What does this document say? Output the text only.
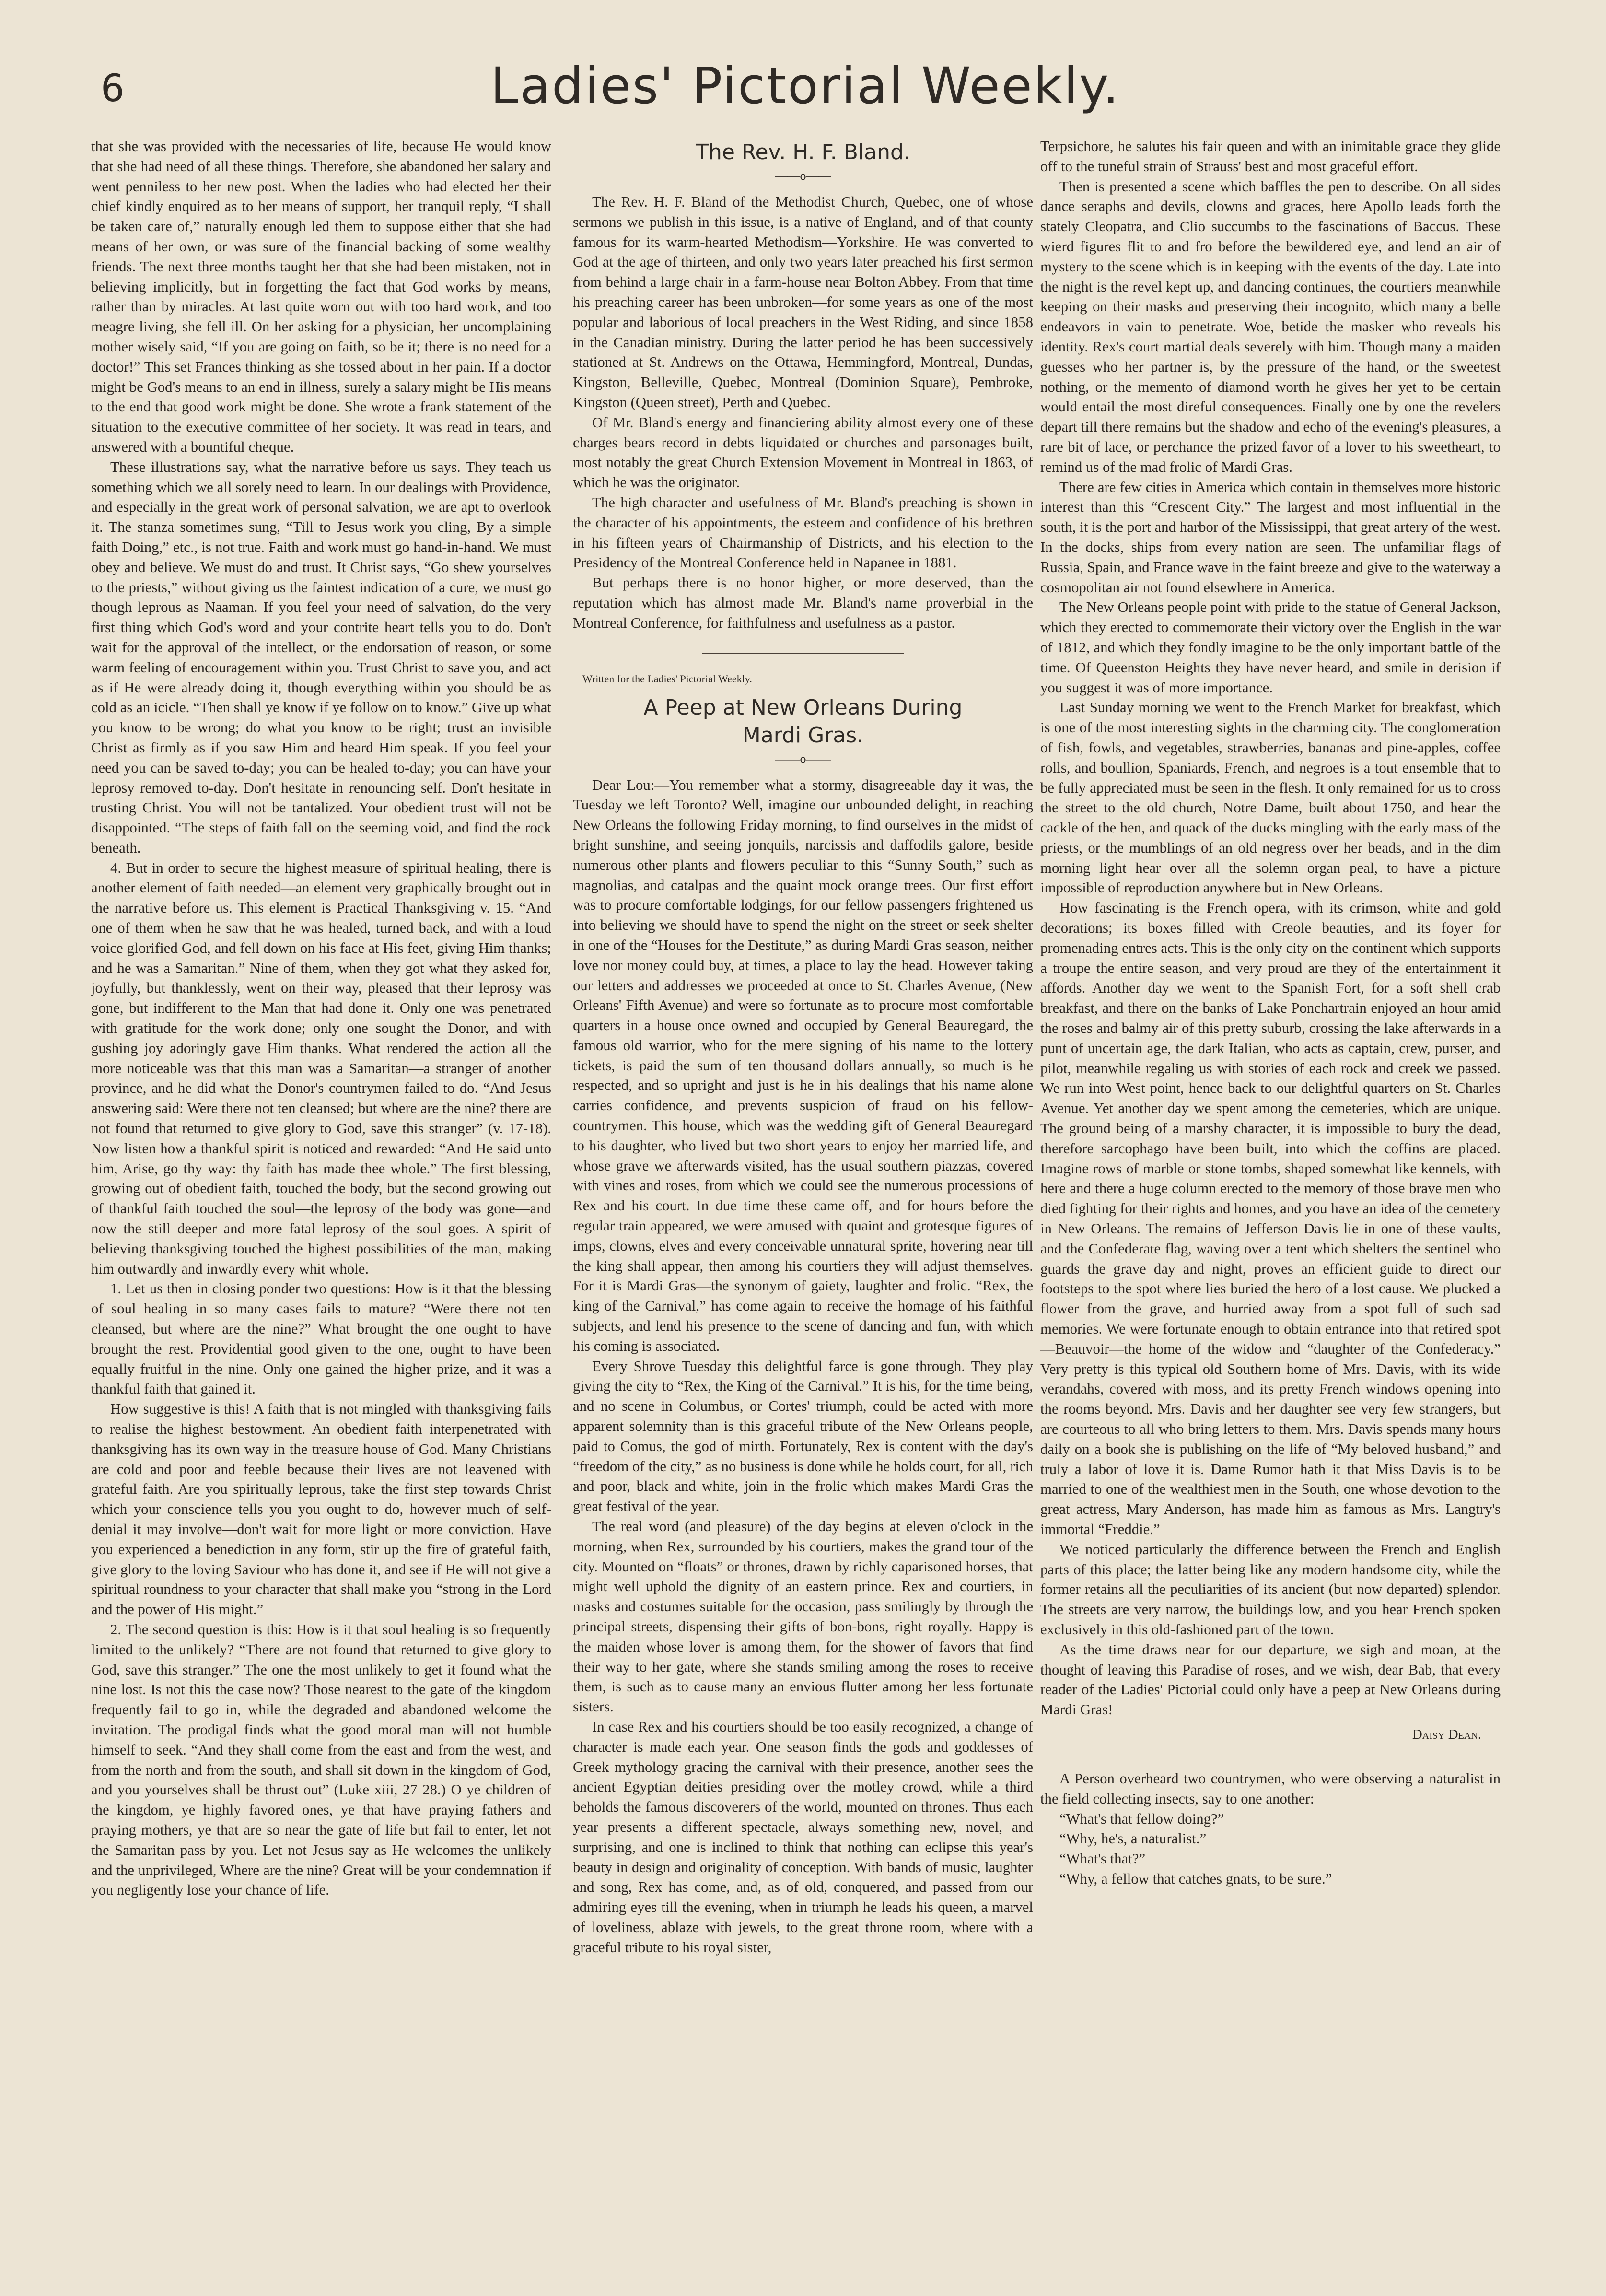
6	Ladies' Pictorial Weekly.

that she was provided with the necessaries of life, because He would know that she had need of all these things. Therefore, she abandoned her salary and went penniless to her new post. When the ladies who had elected her their chief kindly enquired as to her means of support, her tranquil reply, “I shall be taken care of,” naturally enough led them to suppose either that she had means of her own, or was sure of the financial backing of some wealthy friends. The next three months taught her that she had been mistaken, not in believing implicitly, but in forgetting the fact that God works by means, rather than by miracles. At last quite worn out with too hard work, and too meagre living, she fell ill. On her asking for a physician, her uncomplaining mother wisely said, “If you are going on faith, so be it; there is no need for a doctor!” This set Frances thinking as she tossed about in her pain. If a doctor might be God's means to an end in illness, surely a salary might be His means to the end that good work might be done. She wrote a frank statement of the situation to the executive committee of her society. It was read in tears, and answered with a bountiful cheque.

These illustrations say, what the narrative before us says. They teach us something which we all sorely need to learn. In our dealings with Providence, and especially in the great work of personal salvation, we are apt to overlook it. The stanza sometimes sung, “Till to Jesus work you cling, By a simple faith Doing,” etc., is not true. Faith and work must go hand-in-hand. We must obey and believe. We must do and trust. It Christ says, “Go shew yourselves to the priests,” without giving us the faintest indication of a cure, we must go though leprous as Naaman. If you feel your need of salvation, do the very first thing which God's word and your contrite heart tells you to do. Don't wait for the approval of the intellect, or the endorsation of reason, or some warm feeling of encouragement within you. Trust Christ to save you, and act as if He were already doing it, though everything within you should be as cold as an icicle. “Then shall ye know if ye follow on to know.” Give up what you know to be wrong; do what you know to be right; trust an invisible Christ as firmly as if you saw Him and heard Him speak. If you feel your need you can be saved to-day; you can be healed to-day; you can have your leprosy removed to-day. Don't hesitate in renouncing self. Don't hesitate in trusting Christ. You will not be tantalized. Your obedient trust will not be disappointed. “The steps of faith fall on the seeming void, and find the rock beneath.

4. But in order to secure the highest measure of spiritual healing, there is another element of faith needed—an element very graphically brought out in the narrative before us. This element is Practical Thanksgiving v. 15. “And one of them when he saw that he was healed, turned back, and with a loud voice glorified God, and fell down on his face at His feet, giving Him thanks; and he was a Samaritan.” Nine of them, when they got what they asked for, joyfully, but thanklessly, went on their way, pleased that their leprosy was gone, but indifferent to the Man that had done it. Only one was penetrated with gratitude for the work done; only one sought the Donor, and with gushing joy adoringly gave Him thanks. What rendered the action all the more noticeable was that this man was a Samaritan—a stranger of another province, and he did what the Donor's countrymen failed to do. “And Jesus answering said: Were there not ten cleansed; but where are the nine? there are not found that returned to give glory to God, save this stranger” (v. 17-18). Now listen how a thankful spirit is noticed and rewarded: “And He said unto him, Arise, go thy way: thy faith has made thee whole.” The first blessing, growing out of obedient faith, touched the body, but the second growing out of thankful faith touched the soul—the leprosy of the body was gone—and now the still deeper and more fatal leprosy of the soul goes. A spirit of believing thanksgiving touched the highest possibilities of the man, making him outwardly and inwardly every whit whole.

1. Let us then in closing ponder two questions: How is it that the blessing of soul healing in so many cases fails to mature? “Were there not ten cleansed, but where are the nine?” What brought the one ought to have brought the rest. Providential good given to the one, ought to have been equally fruitful in the nine. Only one gained the higher prize, and it was a thankful faith that gained it.

How suggestive is this! A faith that is not mingled with thanksgiving fails to realise the highest bestowment. An obedient faith interpenetrated with thanksgiving has its own way in the treasure house of God. Many Christians are cold and poor and feeble because their lives are not leavened with grateful faith. Are you spiritually leprous, take the first step towards Christ which your conscience tells you you ought to do, however much of self-denial it may involve—don't wait for more light or more conviction. Have you experienced a benediction in any form, stir up the fire of grateful faith, give glory to the loving Saviour who has done it, and see if He will not give a spiritual roundness to your character that shall make you “strong in the Lord and the power of His might.”

2. The second question is this: How is it that soul healing is so frequently limited to the unlikely? “There are not found that returned to give glory to God, save this stranger.” The one the most unlikely to get it found what the nine lost. Is not this the case now? Those nearest to the gate of the kingdom frequently fail to go in, while the degraded and abandoned welcome the invitation. The prodigal finds what the good moral man will not humble himself to seek. “And they shall come from the east and from the west, and from the north and from the south, and shall sit down in the kingdom of God, and you yourselves shall be thrust out” (Luke xiii, 27 28.) O ye children of the kingdom, ye highly favored ones, ye that have praying fathers and praying mothers, ye that are so near the gate of life but fail to enter, let not the Samaritan pass by you. Let not Jesus say as He welcomes the unlikely and the unprivileged, Where are the nine? Great will be your condemnation if you negligently lose your chance of life.

The Rev. H. F. Bland.
——o——

The Rev. H. F. Bland of the Methodist Church, Quebec, one of whose sermons we publish in this issue, is a native of England, and of that county famous for its warm-hearted Methodism—Yorkshire. He was converted to God at the age of thirteen, and only two years later preached his first sermon from behind a large chair in a farm-house near Bolton Abbey. From that time his preaching career has been unbroken—for some years as one of the most popular and laborious of local preachers in the West Riding, and since 1858 in the Canadian ministry. During the latter period he has been successively stationed at St. Andrews on the Ottawa, Hemmingford, Montreal, Dundas, Kingston, Belleville, Quebec, Montreal (Dominion Square), Pembroke, Kingston (Queen street), Perth and Quebec.

Of Mr. Bland's energy and financiering ability almost every one of these charges bears record in debts liquidated or churches and parsonages built, most notably the great Church Extension Movement in Montreal in 1863, of which he was the originator.

The high character and usefulness of Mr. Bland's preaching is shown in the character of his appointments, the esteem and confidence of his brethren in his fifteen years of Chairmanship of Districts, and his election to the Presidency of the Montreal Conference held in Napanee in 1881.

But perhaps there is no honor higher, or more deserved, than the reputation which has almost made Mr. Bland's name proverbial in the Montreal Conference, for faithfulness and usefulness as a pastor.

Written for the Ladies' Pictorial Weekly.

A Peep at New Orleans During
Mardi Gras.
——o——

Dear Lou:—You remember what a stormy, disagreeable day it was, the Tuesday we left Toronto? Well, imagine our unbounded delight, in reaching New Orleans the following Friday morning, to find ourselves in the midst of bright sunshine, and seeing jonquils, narcissis and daffodils galore, beside numerous other plants and flowers peculiar to this “Sunny South,” such as magnolias, and catalpas and the quaint mock orange trees. Our first effort was to procure comfortable lodgings, for our fellow passengers frightened us into believing we should have to spend the night on the street or seek shelter in one of the “Houses for the Destitute,” as during Mardi Gras season, neither love nor money could buy, at times, a place to lay the head. However taking our letters and addresses we proceeded at once to St. Charles Avenue, (New Orleans' Fifth Avenue) and were so fortunate as to procure most comfortable quarters in a house once owned and occupied by General Beauregard, the famous old warrior, who for the mere signing of his name to the lottery tickets, is paid the sum of ten thousand dollars annually, so much is he respected, and so upright and just is he in his dealings that his name alone carries confidence, and prevents suspicion of fraud on his fellow-countrymen. This house, which was the wedding gift of General Beauregard to his daughter, who lived but two short years to enjoy her married life, and whose grave we afterwards visited, has the usual southern piazzas, covered with vines and roses, from which we could see the numerous processions of Rex and his court. In due time these came off, and for hours before the regular train appeared, we were amused with quaint and grotesque figures of imps, clowns, elves and every conceivable unnatural sprite, hovering near till the king shall appear, then among his courtiers they will adjust themselves. For it is Mardi Gras—the synonym of gaiety, laughter and frolic. “Rex, the king of the Carnival,” has come again to receive the homage of his faithful subjects, and lend his presence to the scene of dancing and fun, with which his coming is associated.

Every Shrove Tuesday this delightful farce is gone through. They play giving the city to “Rex, the King of the Carnival.” It is his, for the time being, and no scene in Columbus, or Cortes' triumph, could be acted with more apparent solemnity than is this graceful tribute of the New Orleans people, paid to Comus, the god of mirth. Fortunately, Rex is content with the day's “freedom of the city,” as no business is done while he holds court, for all, rich and poor, black and white, join in the frolic which makes Mardi Gras the great festival of the year.

The real word (and pleasure) of the day begins at eleven o'clock in the morning, when Rex, surrounded by his courtiers, makes the grand tour of the city. Mounted on “floats” or thrones, drawn by richly caparisoned horses, that might well uphold the dignity of an eastern prince. Rex and courtiers, in masks and costumes suitable for the occasion, pass smilingly by through the principal streets, dispensing their gifts of bon-bons, right royally. Happy is the maiden whose lover is among them, for the shower of favors that find their way to her gate, where she stands smiling among the roses to receive them, is such as to cause many an envious flutter among her less fortunate sisters.

In case Rex and his courtiers should be too easily recognized, a change of character is made each year. One season finds the gods and goddesses of Greek mythology gracing the carnival with their presence, another sees the ancient Egyptian deities presiding over the motley crowd, while a third beholds the famous discoverers of the world, mounted on thrones. Thus each year presents a different spectacle, always something new, novel, and surprising, and one is inclined to think that nothing can eclipse this year's beauty in design and originality of conception. With bands of music, laughter and song, Rex has come, and, as of old, conquered, and passed from our admiring eyes till the evening, when in triumph he leads his queen, a marvel of loveliness, ablaze with jewels, to the great throne room, where with a graceful tribute to his royal sister,

Terpsichore, he salutes his fair queen and with an inimitable grace they glide off to the tuneful strain of Strauss' best and most graceful effort.

Then is presented a scene which baffles the pen to describe. On all sides dance seraphs and devils, clowns and graces, here Apollo leads forth the stately Cleopatra, and Clio succumbs to the fascinations of Baccus. These wierd figures flit to and fro before the bewildered eye, and lend an air of mystery to the scene which is in keeping with the events of the day. Late into the night is the revel kept up, and dancing continues, the courtiers meanwhile keeping on their masks and preserving their incognito, which many a belle endeavors in vain to penetrate. Woe, betide the masker who reveals his identity. Rex's court martial deals severely with him. Though many a maiden guesses who her partner is, by the pressure of the hand, or the sweetest nothing, or the memento of diamond worth he gives her yet to be certain would entail the most direful consequences. Finally one by one the revelers depart till there remains but the shadow and echo of the evening's pleasures, a rare bit of lace, or perchance the prized favor of a lover to his sweetheart, to remind us of the mad frolic of Mardi Gras.

There are few cities in America which contain in themselves more historic interest than this “Crescent City.” The largest and most influential in the south, it is the port and harbor of the Mississippi, that great artery of the west. In the docks, ships from every nation are seen. The unfamiliar flags of Russia, Spain, and France wave in the faint breeze and give to the waterway a cosmopolitan air not found elsewhere in America.

The New Orleans people point with pride to the statue of General Jackson, which they erected to commemorate their victory over the English in the war of 1812, and which they fondly imagine to be the only important battle of the time. Of Queenston Heights they have never heard, and smile in derision if you suggest it was of more importance.

Last Sunday morning we went to the French Market for breakfast, which is one of the most interesting sights in the charming city. The conglomeration of fish, fowls, and vegetables, strawberries, bananas and pine-apples, coffee rolls, and boullion, Spaniards, French, and negroes is a tout ensemble that to be fully appreciated must be seen in the flesh. It only remained for us to cross the street to the old church, Notre Dame, built about 1750, and hear the cackle of the hen, and quack of the ducks mingling with the early mass of the priests, or the mumblings of an old negress over her beads, and in the dim morning light hear over all the solemn organ peal, to have a picture impossible of reproduction anywhere but in New Orleans.

How fascinating is the French opera, with its crimson, white and gold decorations; its boxes filled with Creole beauties, and its foyer for promenading entres acts. This is the only city on the continent which supports a troupe the entire season, and very proud are they of the entertainment it affords. Another day we went to the Spanish Fort, for a soft shell crab breakfast, and there on the banks of Lake Ponchartrain enjoyed an hour amid the roses and balmy air of this pretty suburb, crossing the lake afterwards in a punt of uncertain age, the dark Italian, who acts as captain, crew, purser, and pilot, meanwhile regaling us with stories of each rock and creek we passed. We run into West point, hence back to our delightful quarters on St. Charles Avenue. Yet another day we spent among the cemeteries, which are unique. The ground being of a marshy character, it is impossible to bury the dead, therefore sarcophago have been built, into which the coffins are placed. Imagine rows of marble or stone tombs, shaped somewhat like kennels, with here and there a huge column erected to the memory of those brave men who died fighting for their rights and homes, and you have an idea of the cemetery in New Orleans. The remains of Jefferson Davis lie in one of these vaults, and the Confederate flag, waving over a tent which shelters the sentinel who guards the grave day and night, proves an efficient guide to direct our footsteps to the spot where lies buried the hero of a lost cause. We plucked a flower from the grave, and hurried away from a spot full of such sad memories. We were fortunate enough to obtain entrance into that retired spot—Beauvoir—the home of the widow and “daughter of the Confederacy.” Very pretty is this typical old Southern home of Mrs. Davis, with its wide verandahs, covered with moss, and its pretty French windows opening into the rooms beyond. Mrs. Davis and her daughter see very few strangers, but are courteous to all who bring letters to them. Mrs. Davis spends many hours daily on a book she is publishing on the life of “My beloved husband,” and truly a labor of love it is. Dame Rumor hath it that Miss Davis is to be married to one of the wealthiest men in the South, one whose devotion to the great actress, Mary Anderson, has made him as famous as Mrs. Langtry's immortal “Freddie.”

We noticed particularly the difference between the French and English parts of this place; the latter being like any modern handsome city, while the former retains all the peculiarities of its ancient (but now departed) splendor. The streets are very narrow, the buildings low, and you hear French spoken exclusively in this old-fashioned part of the town.

As the time draws near for our departure, we sigh and moan, at the thought of leaving this Paradise of roses, and we wish, dear Bab, that every reader of the Ladies' Pictorial could only have a peep at New Orleans during Mardi Gras!

Daisy Dean.

A Person overheard two countrymen, who were observing a naturalist in the field collecting insects, say to one another:

“What's that fellow doing?”

“Why, he's, a naturalist.”

“What's that?”

“Why, a fellow that catches gnats, to be sure.”
